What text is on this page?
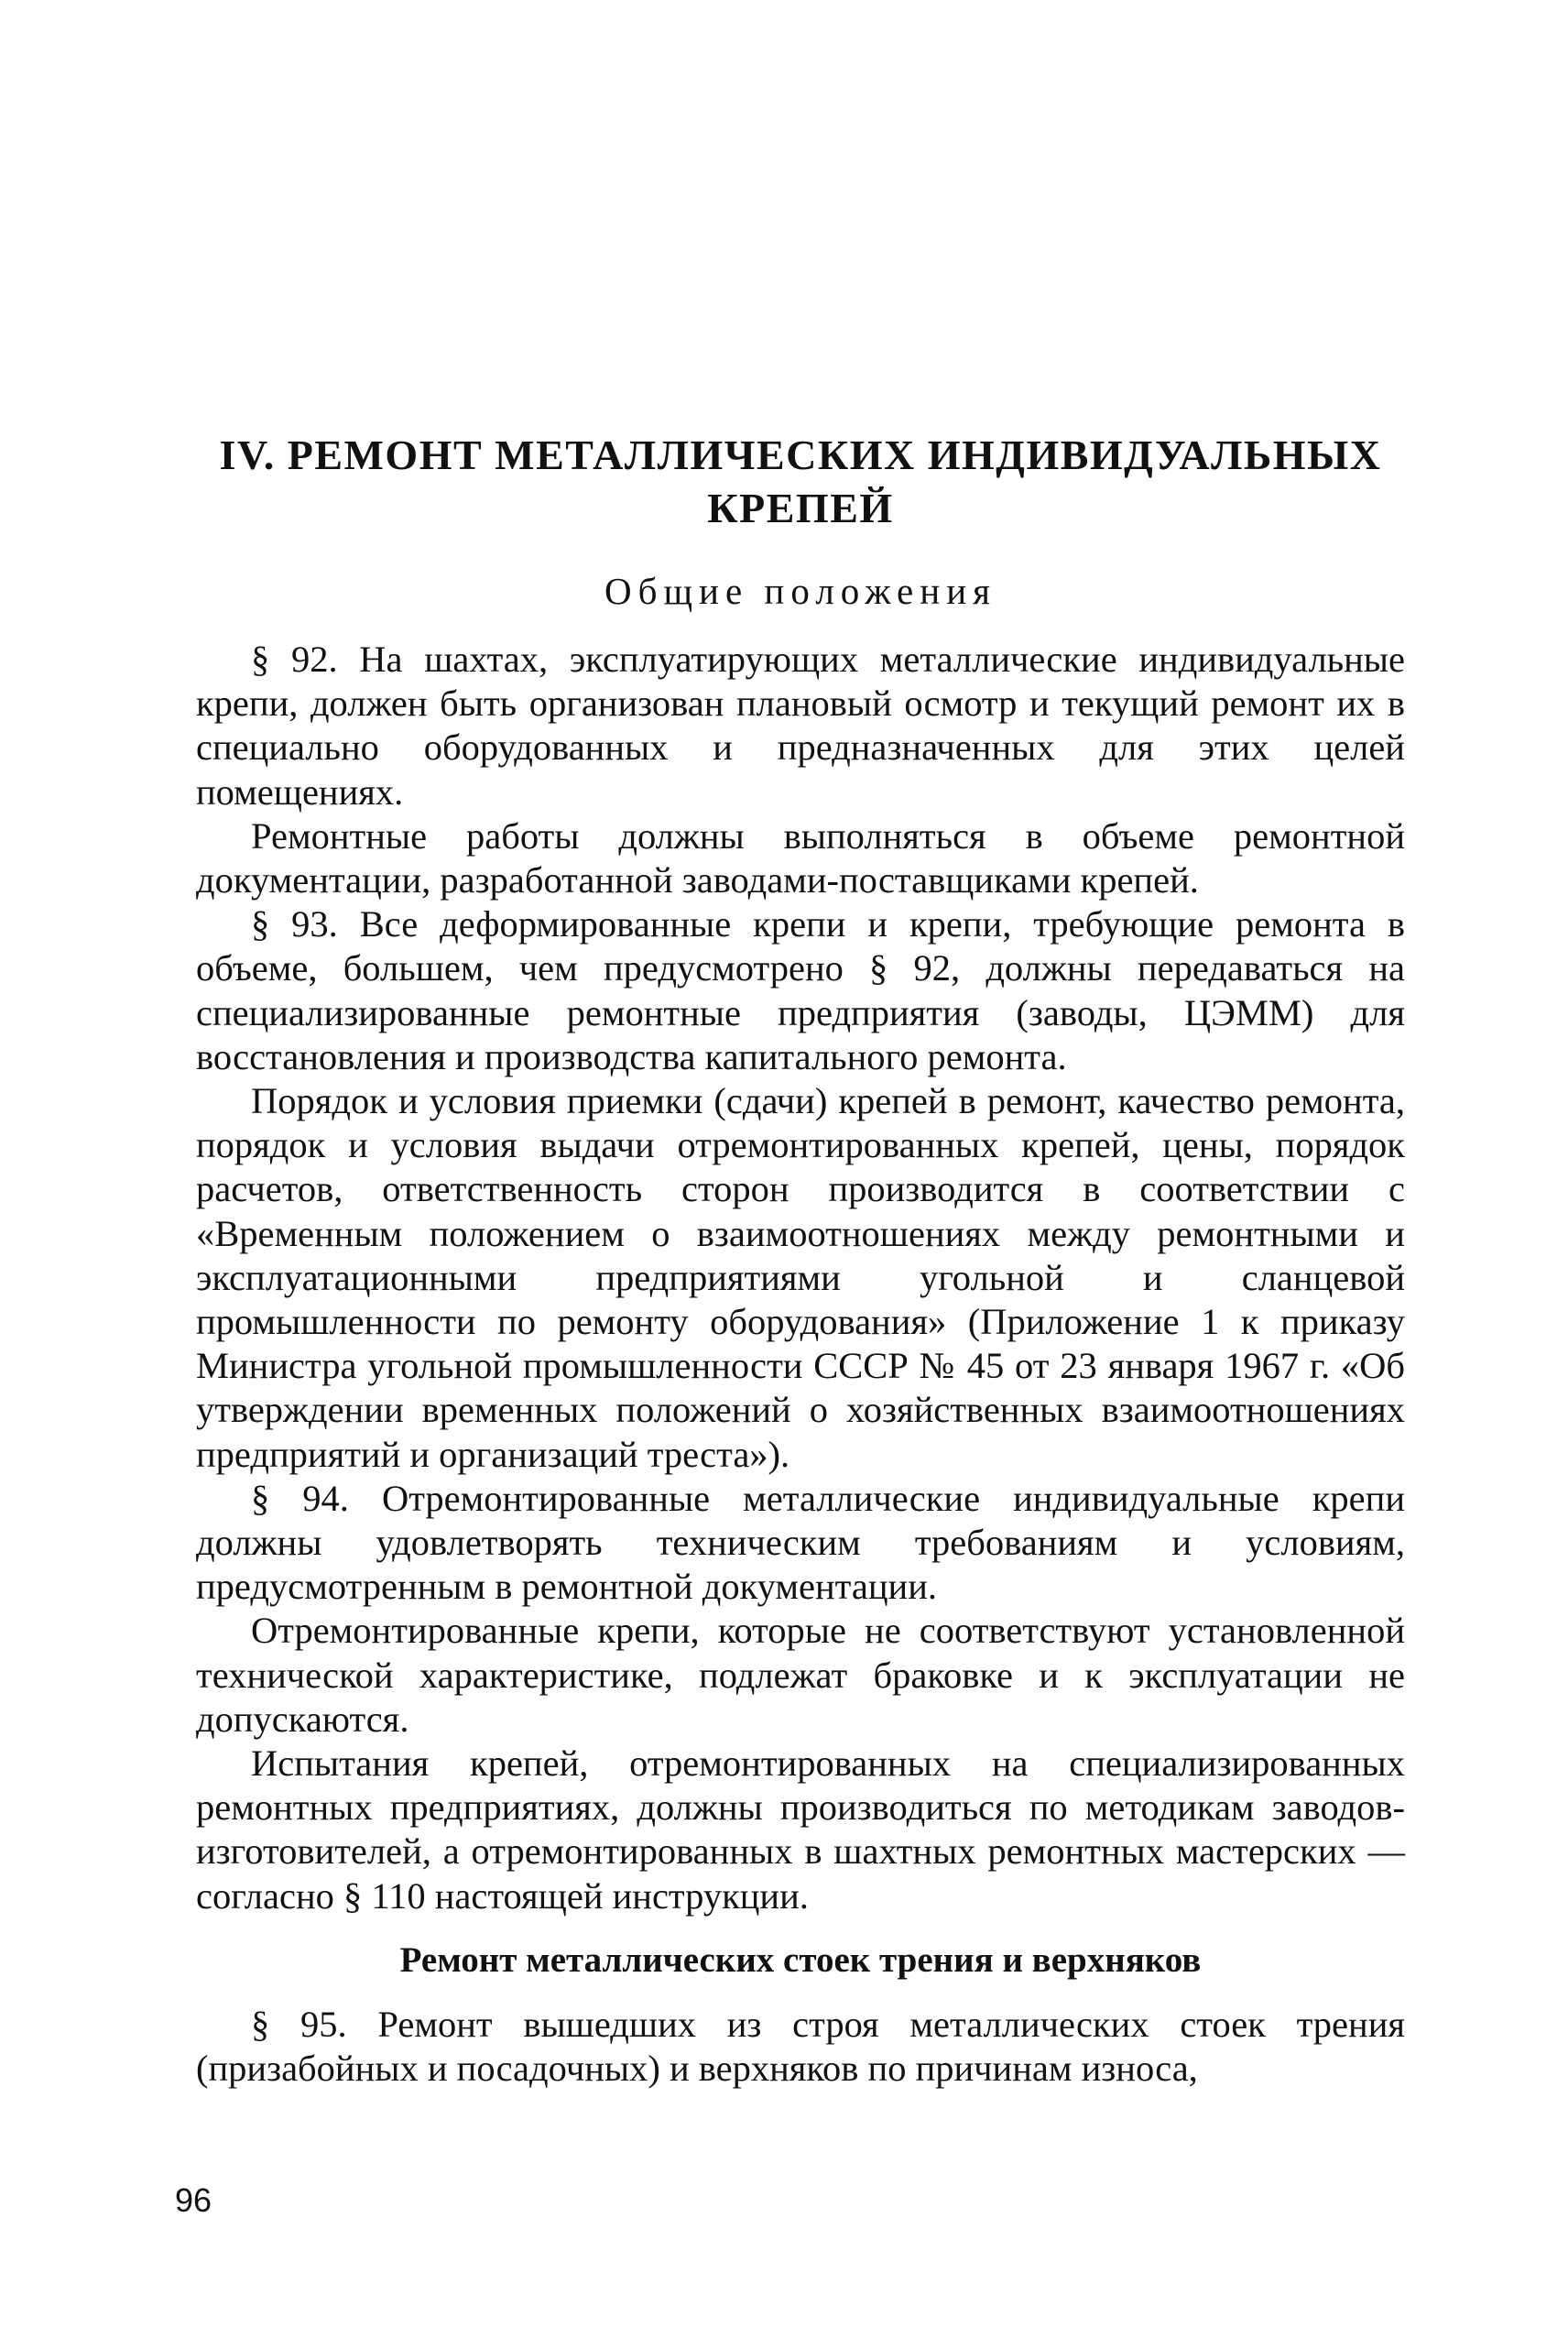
IV. РЕМОНТ МЕТАЛЛИЧЕСКИХ ИНДИВИДУАЛЬНЫХ
КРЕПЕЙ
Общие положения

§ 92. На шахтах, эксплуатирующих металлические индивидуальные крепи, должен быть организован плановый осмотр и текущий ремонт их в специально оборудованных и предназначенных для этих целей помещениях.

Ремонтные работы должны выполняться в объеме ремонтной документации, разработанной заводами-поставщиками крепей.

§ 93. Все деформированные крепи и крепи, требующие ремонта в объеме, большем, чем предусмотрено § 92, должны передаваться на специализированные ремонтные предприятия (заводы, ЦЭММ) для восстановления и производства капитального ремонта.

Порядок и условия приемки (сдачи) крепей в ремонт, качество ремонта, порядок и условия выдачи отремонтированных крепей, цены, порядок расчетов, ответственность сторон производится в соответствии с «Временным положением о взаимоотношениях между ремонтными и эксплуатационными предприятиями угольной и сланцевой промышленности по ремонту оборудования» (Приложение 1 к приказу Министра угольной промышленности СССР № 45 от 23 января 1967 г. «Об утверждении временных положений о хозяйственных взаимоотношениях предприятий и организаций треста»).

§ 94. Отремонтированные металлические индивидуальные крепи должны удовлетворять техническим требованиям и условиям, предусмотренным в ремонтной документации.

Отремонтированные крепи, которые не соответствуют установленной технической характеристике, подлежат браковке и к эксплуатации не допускаются.

Испытания крепей, отремонтированных на специализированных ремонтных предприятиях, должны производиться по методикам заводов-изготовителей, а отремонтированных в шахтных ремонтных мастерских — согласно § 110 настоящей инструкции.

Ремонт металлических стоек трения и верхняков

§ 95. Ремонт вышедших из строя металлических стоек трения (призабойных и посадочных) и верхняков по причинам износа,

96
